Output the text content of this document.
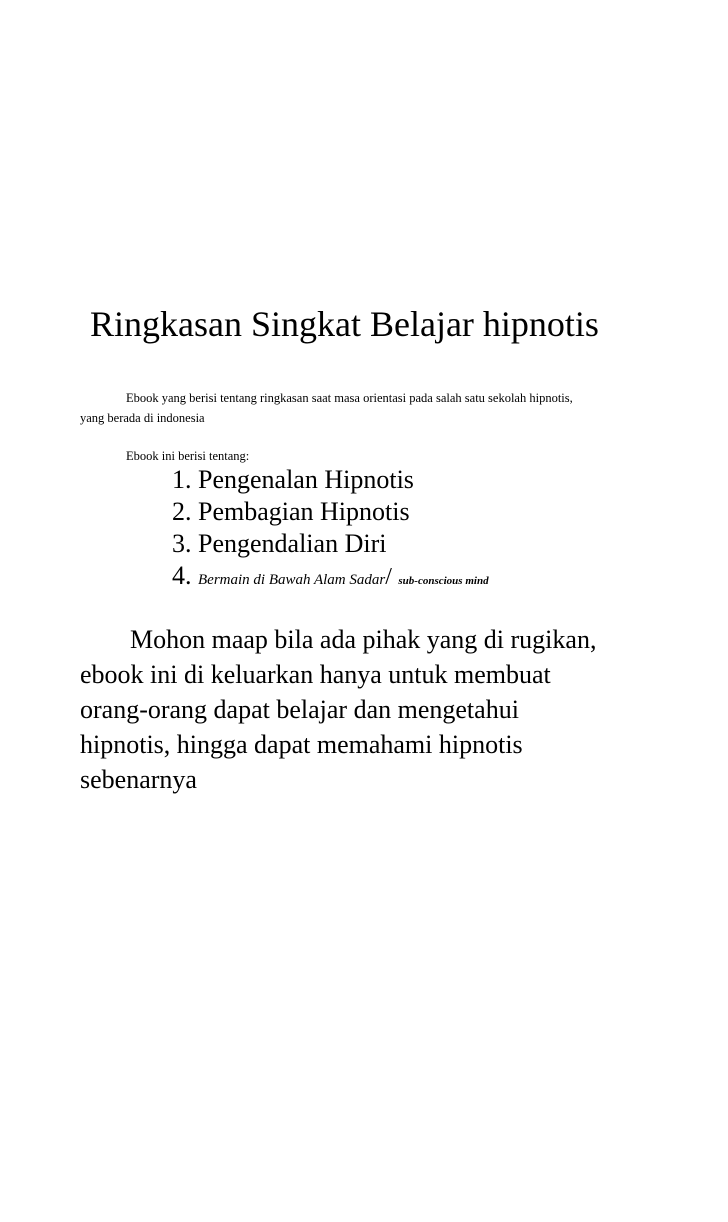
Ringkasan Singkat Belajar hipnotis
Ebook yang berisi tentang ringkasan saat masa orientasi pada salah satu sekolah hipnotis,
yang berada di indonesia
Ebook ini berisi tentang:
1. Pengenalan Hipnotis
2. Pembagian Hipnotis
3. Pengendalian Diri
4. Bermain di Bawah Alam Sadar/ sub-conscious mind
Mohon maap bila ada pihak yang di rugikan,
ebook ini di keluarkan hanya untuk membuat
orang-orang dapat belajar dan mengetahui
hipnotis, hingga dapat memahami hipnotis
sebenarnya
